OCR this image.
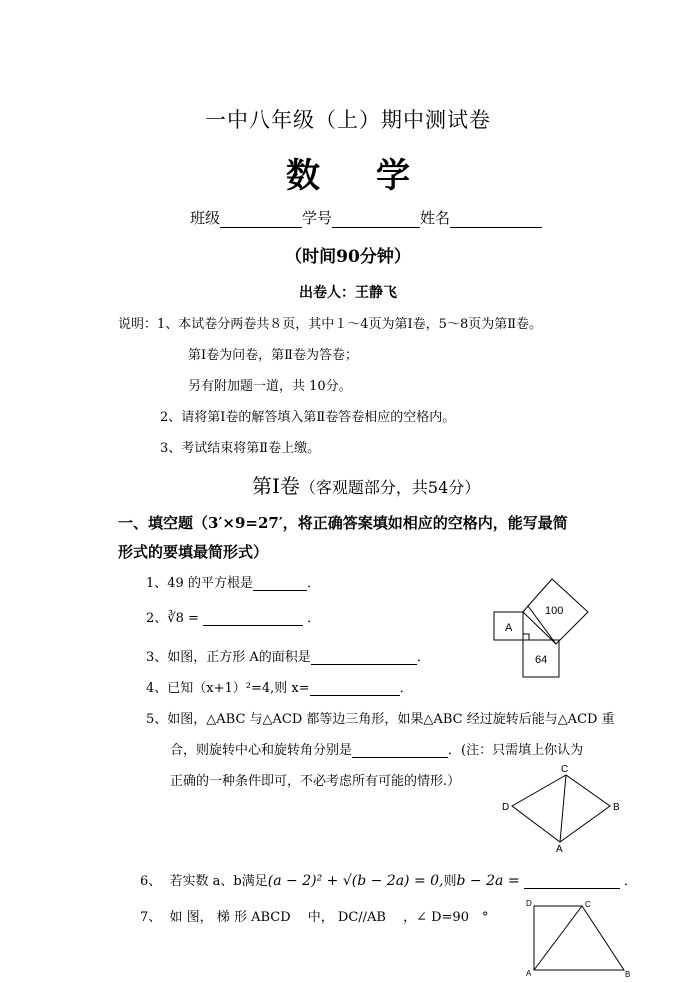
一中八年级（上）期中测试卷
数 学
班级	学号	姓名
（时间90分钟）
出卷人：王静飞
说明：1、本试卷分两卷共８页，其中１～4页为第Ⅰ卷，5～8页为第Ⅱ卷。
第Ⅰ卷为问卷，第Ⅱ卷为答卷；
另有附加题一道，共 10分。
2、请将第Ⅰ卷的解答填入第Ⅱ卷答卷相应的空格内。
3、考试结束将第Ⅱ卷上缴。
第Ⅰ卷（客观题部分，共54分）
一、填空题（3′×9=27′，将正确答案填如相应的空格内，能写最简
形式的要填最简形式）
1、49 的平方根是	．
2、∛8 =	．
3、如图，正方形 A的面积是	．
4、已知（x+1）²=4,则 x=	．
5、如图，△ABC 与△ACD 都等边三角形，如果△ABC 经过旋转后能与△ACD 重
合，则旋转中心和旋转角分别是	．(注：只需填上你认为
正确的一种条件即可，不必考虑所有可能的情形.）
6、 若实数 a、b满足(a − 2)² + √(b − 2a) = 0,则b − 2a =	．
7、 如 图， 梯 形 ABCD　 中， DC//AB　 ，∠ D=90　°
100
A
64
C
D	B
A
D	C
A	B
